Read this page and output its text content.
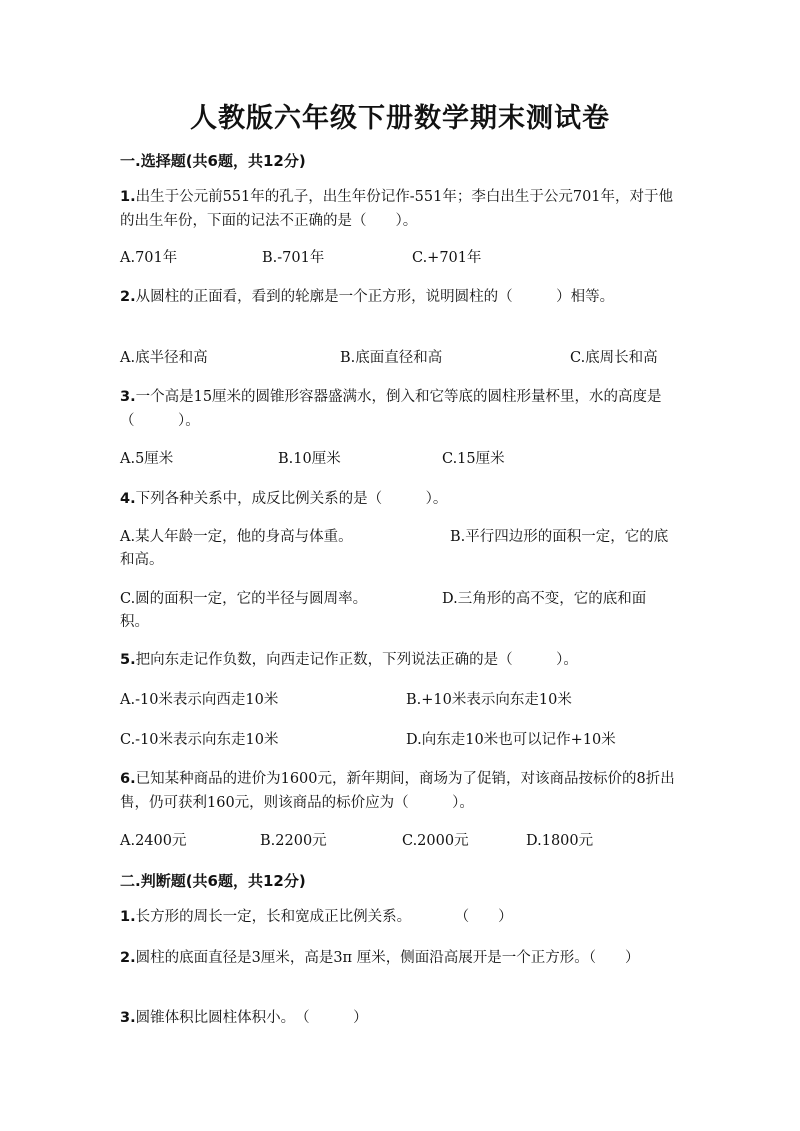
人教版六年级下册数学期末测试卷
一.选择题(共6题，共12分)
1.出生于公元前551年的孔子，出生年份记作-551年；李白出生于公元701年，对于他的出生年份，下面的记法不正确的是（　　）。
A.701年	B.-701年	C.+701年
2.从圆柱的正面看，看到的轮廓是一个正方形，说明圆柱的（　　　）相等。
A.底半径和高	B.底面直径和高	C.底周长和高
3.一个高是15厘米的圆锥形容器盛满水，倒入和它等底的圆柱形量杯里，水的高度是（　　　）。
A.5厘米	B.10厘米	C.15厘米
4.下列各种关系中，成反比例关系的是（　　　）。
A.某人年龄一定，他的身高与体重。	B.平行四边形的面积一定，它的底和高。
C.圆的面积一定，它的半径与圆周率。	D.三角形的高不变，它的底和面积。
5.把向东走记作负数，向西走记作正数，下列说法正确的是（　　　）。
A.-10米表示向西走10米	B.+10米表示向东走10米
C.-10米表示向东走10米	D.向东走10米也可以记作+10米
6.已知某种商品的进价为1600元，新年期间，商场为了促销，对该商品按标价的8折出售，仍可获利160元，则该商品的标价应为（　　　）。
A.2400元	B.2200元	C.2000元	D.1800元
二.判断题(共6题，共12分)
1.长方形的周长一定，长和宽成正比例关系。　　　　（　　）
2.圆柱的底面直径是3厘米，高是3π 厘米，侧面沿高展开是一个正方形。（　　）
3.圆锥体积比圆柱体积小。　（　　　）
